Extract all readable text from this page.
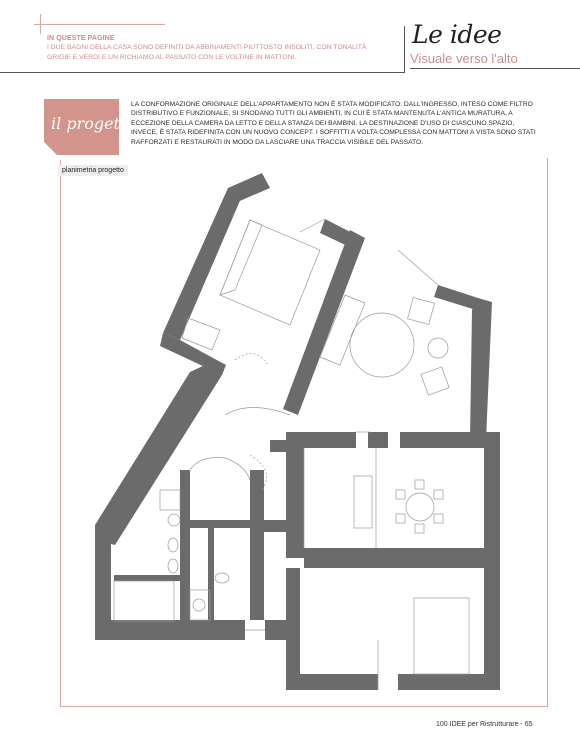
IN QUESTE PAGINE
I DUE BAGNI DELLA CASA SONO DEFINITI DA ABBINAMENTI PIUTTOSTO INSOLITI, CON TONALITÀ GRIGIE E VERDI E UN RICHIAMO AL PASSATO CON LE VOLTINE IN MATTONI.
Le idee
Visuale verso l'alto
il progetto
LA CONFORMAZIONE ORIGINALE DELL'APPARTAMENTO NON È STATA MODIFICATO: DALL'INGRESSO, INTESO COME FILTRO DISTRIBUTIVO E FUNZIONALE, SI SNODANO TUTTI GLI AMBIENTI, IN CUI È STATA MANTENUTA L'ANTICA MURATURA, A ECCEZIONE DELLA CAMERA DA LETTO E DELLA STANZA DEI BAMBINI. LA DESTINAZIONE D'USO DI CIASCUNO SPAZIO, INVECE, È STATA RIDEFINITA CON UN NUOVO CONCEPT. I SOFFITTI A VOLTA COMPLESSA CON MATTONI A VISTA SONO STATI RAFFORZATI E RESTAURATI IN MODO DA LASCIARE UNA TRACCIA VISIBILE DEL PASSATO.
planimetria progetto
100 IDEE per Ristrutturare - 65
